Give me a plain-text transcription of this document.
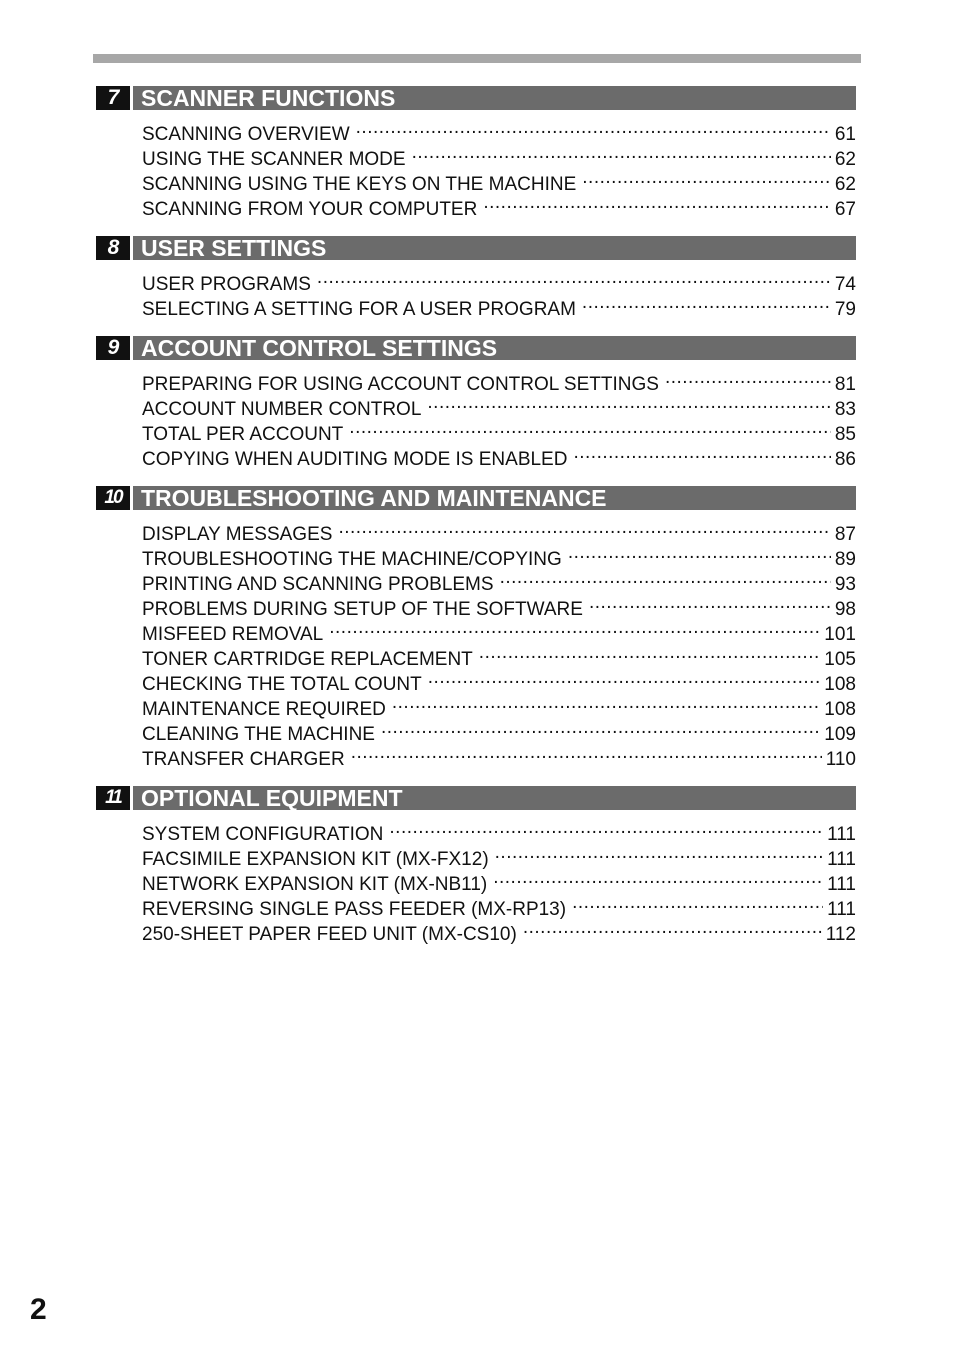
7 SCANNER FUNCTIONS
SCANNING OVERVIEW .....	61
USING THE SCANNER MODE .....	62
SCANNING USING THE KEYS ON THE MACHINE .....	62
SCANNING FROM YOUR COMPUTER .....	67
8 USER SETTINGS
USER PROGRAMS .....	74
SELECTING A SETTING FOR A USER PROGRAM .....	79
9 ACCOUNT CONTROL SETTINGS
PREPARING FOR USING ACCOUNT CONTROL SETTINGS .....	81
ACCOUNT NUMBER CONTROL .....	83
TOTAL PER ACCOUNT .....	85
COPYING WHEN AUDITING MODE IS ENABLED .....	86
10 TROUBLESHOOTING AND MAINTENANCE
DISPLAY MESSAGES .....	87
TROUBLESHOOTING THE MACHINE/COPYING .....	89
PRINTING AND SCANNING PROBLEMS .....	93
PROBLEMS DURING SETUP OF THE SOFTWARE .....	98
MISFEED REMOVAL .....	101
TONER CARTRIDGE REPLACEMENT .....	105
CHECKING THE TOTAL COUNT .....	108
MAINTENANCE REQUIRED .....	108
CLEANING THE MACHINE .....	109
TRANSFER CHARGER .....	110
11 OPTIONAL EQUIPMENT
SYSTEM CONFIGURATION .....	111
FACSIMILE EXPANSION KIT (MX-FX12) .....	111
NETWORK EXPANSION KIT (MX-NB11) .....	111
REVERSING SINGLE PASS FEEDER (MX-RP13) .....	111
250-SHEET PAPER FEED UNIT (MX-CS10) .....	112
2
